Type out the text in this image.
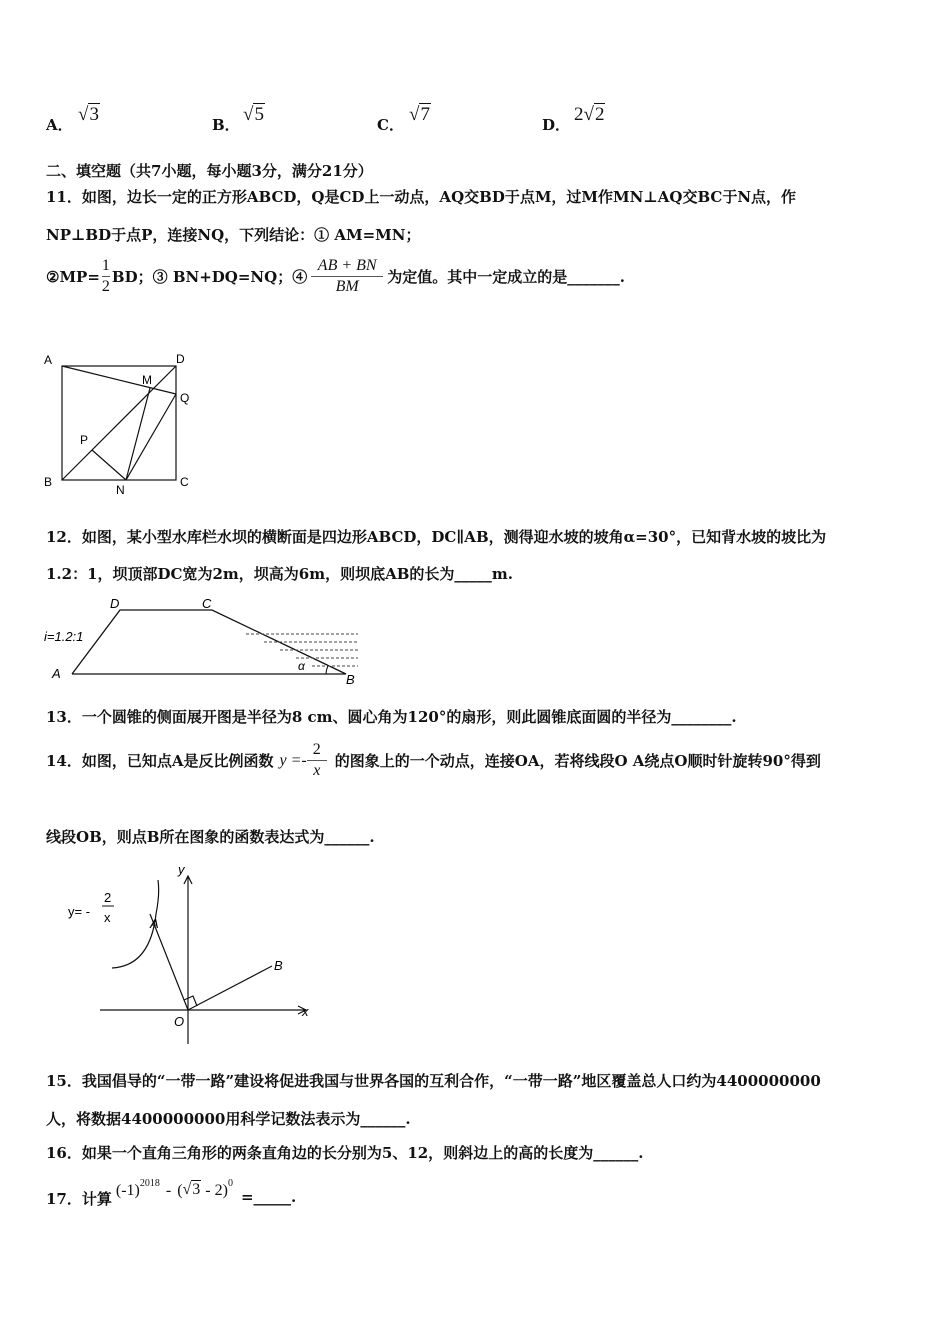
A． √3	B． √5	C． √7	D． 2√2
二、填空题（共7小题，每小题3分，满分21分）
11．如图，边长一定的正方形ABCD，Q是CD上一动点，AQ交BD于点M，过M作MN⊥AQ交BC于N点，作
NP⊥BD于点P，连接NQ，下列结论：① AM=MN；
②MP= $\frac{1}{2}$ BD；③ BN+DQ=NQ；④ $\frac{AB + BN}{BM}$ 为定值。其中一定成立的是_______.
A	D
M
Q
P
B
N
C
12．如图，某小型水库栏水坝的横断面是四边形ABCD，DC∥AB，测得迎水坡的坡角α=30°，已知背水坡的坡比为
1.2：1，坝顶部DC宽为2m，坝高为6m，则坝底AB的长为_____m.
D	C
A	B
i=1.2:1
α
13．一个圆锥的侧面展开图是半径为8 cm、圆心角为120°的扇形，则此圆锥底面圆的半径为________.
14．如图，已知点A是反比例函数 $y =- \frac{2}{x}$ 的图象上的一个动点，连接OA，若将线段O A绕点O顺时针旋转90°得到
线段OB，则点B所在图象的函数表达式为______.
O
y
x
A
B
y= -
2
x
15．我国倡导的“一带一路”建设将促进我国与世界各国的互利合作，“一带一路”地区覆盖总人口约为4400000000
人，将数据4400000000用科学记数法表示为______.
16．如果一个直角三角形的两条直角边的长分别为5、12，则斜边上的高的长度为______.
17．计算 (-1) 2018 - ( √3 - 2) 0
=_____.
